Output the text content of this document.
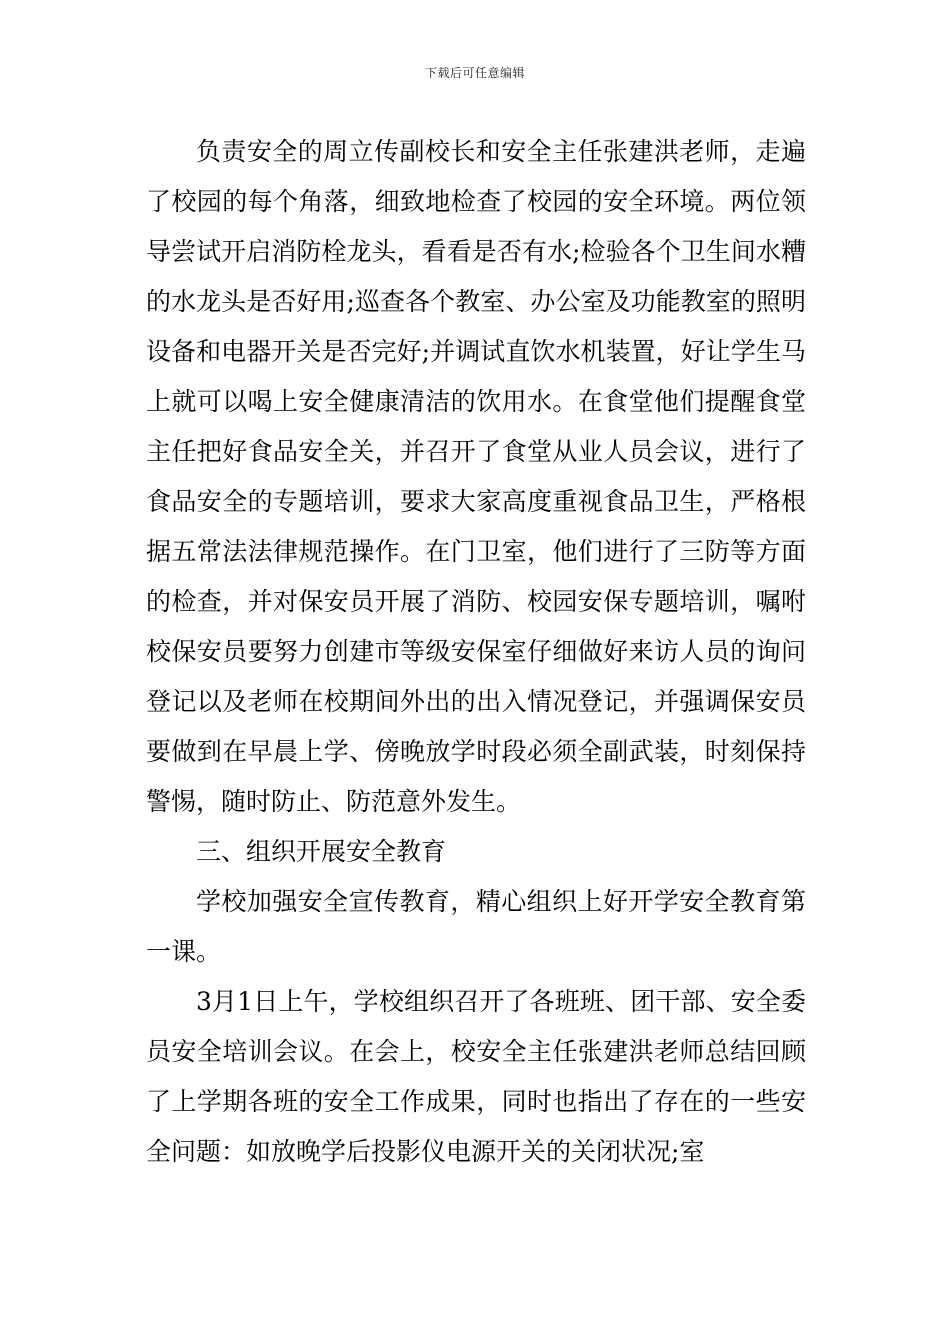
下载后可任意编辑

负责安全的周立传副校长和安全主任张建洪老师，走遍了校园的每个角落，细致地检查了校园的安全环境。两位领导尝试开启消防栓龙头，看看是否有水;检验各个卫生间水糟的水龙头是否好用;巡查各个教室、办公室及功能教室的照明设备和电器开关是否完好;并调试直饮水机装置，好让学生马上就可以喝上安全健康清洁的饮用水。在食堂他们提醒食堂主任把好食品安全关，并召开了食堂从业人员会议，进行了食品安全的专题培训，要求大家高度重视食品卫生，严格根据五常法法律规范操作。在门卫室，他们进行了三防等方面的检查，并对保安员开展了消防、校园安保专题培训，嘱咐校保安员要努力创建市等级安保室仔细做好来访人员的询问登记以及老师在校期间外出的出入情况登记，并强调保安员要做到在早晨上学、傍晚放学时段必须全副武装，时刻保持警惕，随时防止、防范意外发生。

三、组织开展安全教育

学校加强安全宣传教育，精心组织上好开学安全教育第一课。

3月1日上午，学校组织召开了各班班、团干部、安全委员安全培训会议。在会上，校安全主任张建洪老师总结回顾了上学期各班的安全工作成果，同时也指出了存在的一些安全问题：如放晚学后投影仪电源开关的关闭状况;室
